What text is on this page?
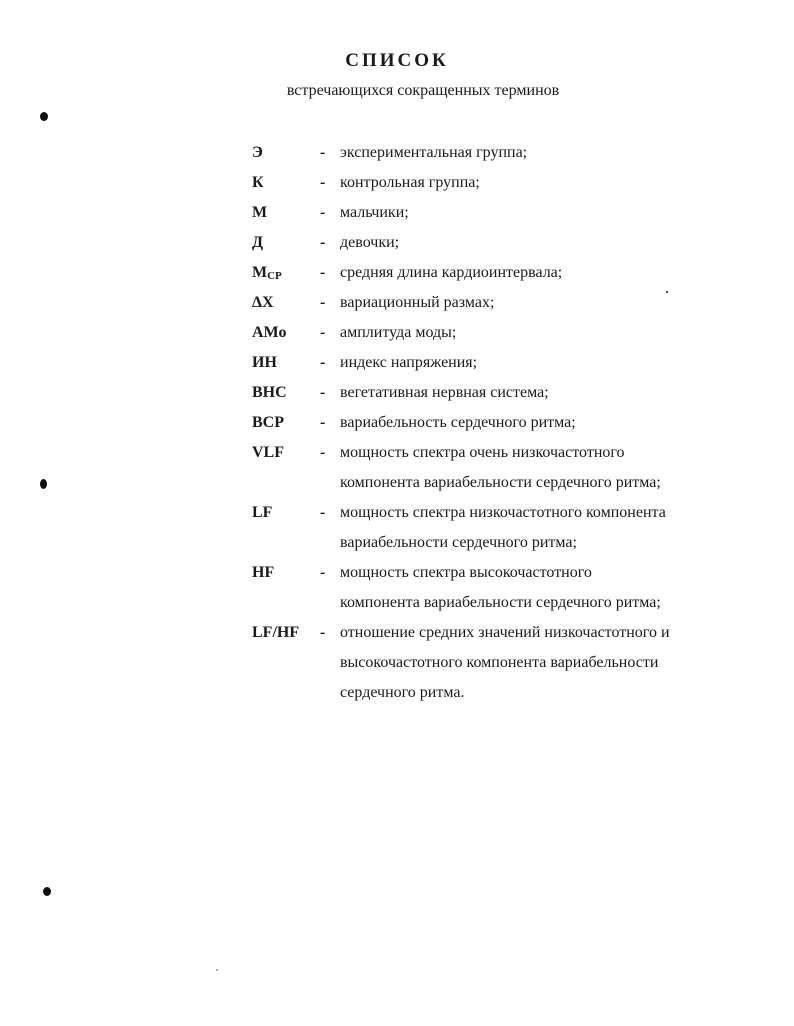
СПИСОК
встречающихся сокращенных терминов
Э	- экспериментальная группа;
К	- контрольная группа;
М	- мальчики;
Д	- девочки;
$М_{СР}$ - средняя длина кардиоинтервала;
ΔХ	- вариационный размах;
АМо - амплитуда моды;
ИН	- индекс напряжения;
ВНС - вегетативная нервная система;
ВСР - вариабельность сердечного ритма;
VLF - мощность спектра очень низкочастотного
компонента вариабельности сердечного ритма;
LF	- мощность спектра низкочастотного компонента
вариабельности сердечного ритма;
HF	- мощность спектра высокочастотного
компонента вариабельности сердечного ритма;
LF/HF - отношение средних значений низкочастотного и
высокочастотного компонента вариабельности
сердечного ритма.
